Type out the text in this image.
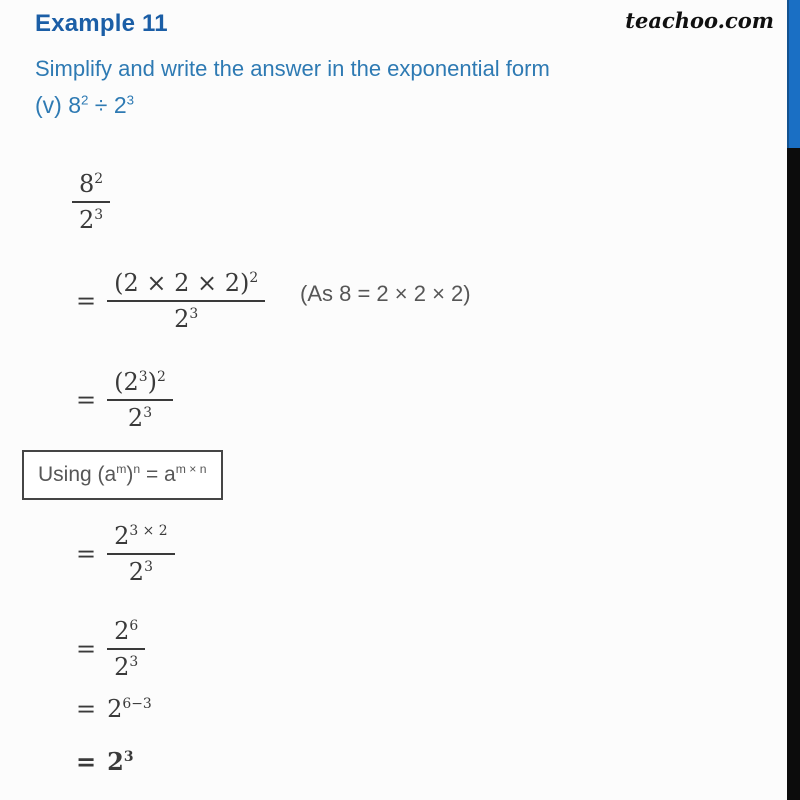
teachoo.com
Example 11
Simplify and write the answer in the exponential form
(v) $8^2 \div 2^3$
$\frac{8^2}{2^3}$
= $\frac{(2 \times 2 \times 2)^2}{2^3} (As$ 8 = 2 × 2 × 2)
= $\frac{(2^3)^2}{2^3}$
Using $(a^m)^n = a^{m \times n}$
= $\frac{2^{3 \times 2}}{2^3}$
= $\frac{2^6}{2^3}$
= $2^{6-3}$
= $2^3$
